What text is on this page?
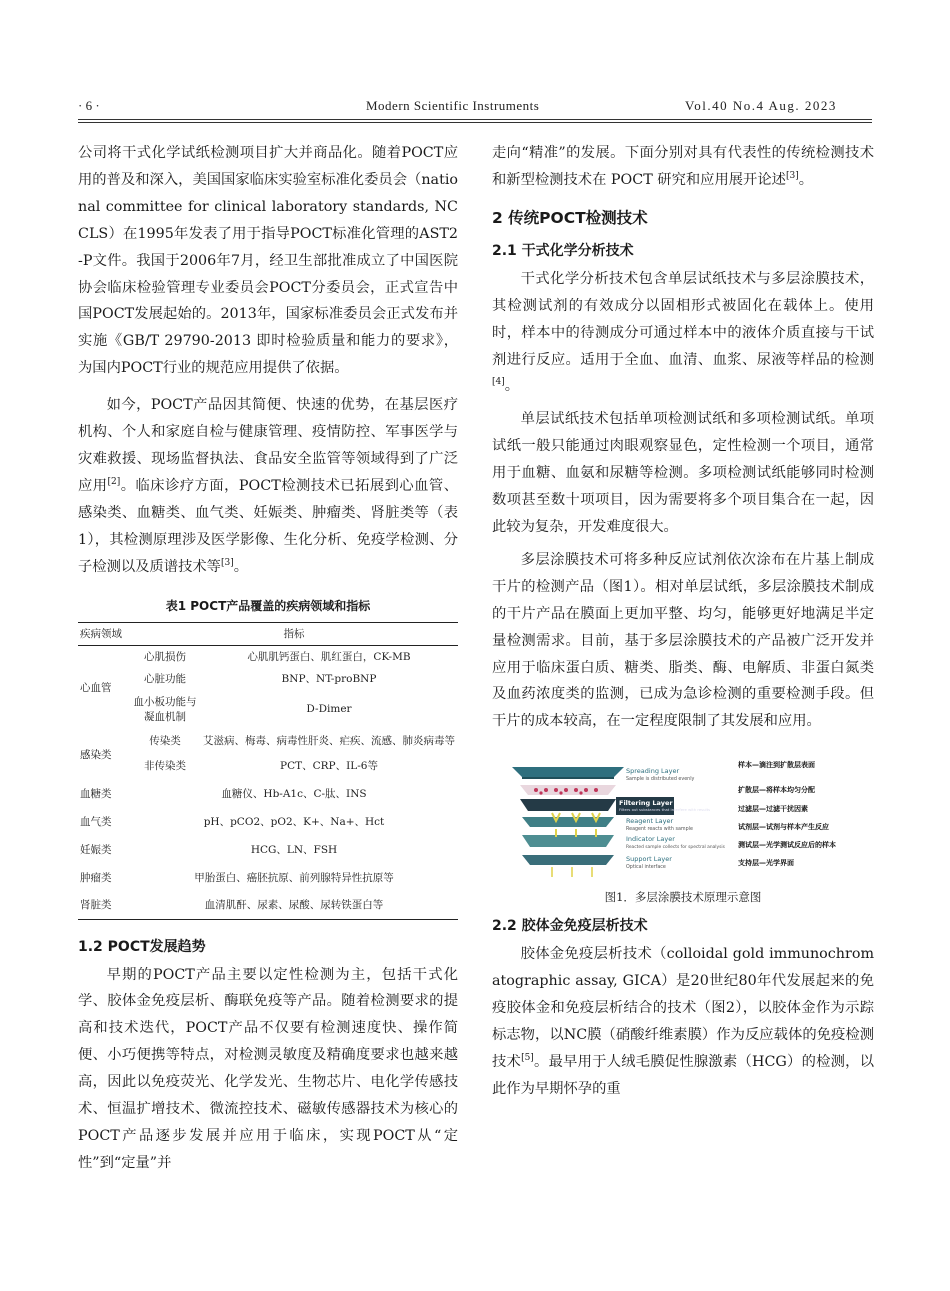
· 6 ·	Modern Scientific Instruments	Vol.40 No.4 Aug. 2023

公司将干式化学试纸检测项目扩大并商品化。随着POCT应用的普及和深入，美国国家临床实验室标准化委员会（national committee for clinical laboratory standards, NCCLS）在1995年发表了用于指导POCT标准化管理的AST2-P文件。我国于2006年7月，经卫生部批准成立了中国医院协会临床检验管理专业委员会POCT分委员会，正式宣告中国POCT发展起始的。2013年，国家标准委员会正式发布并实施《GB/T 29790-2013 即时检验质量和能力的要求》，为国内POCT行业的规范应用提供了依据。

如今，POCT产品因其简便、快速的优势，在基层医疗机构、个人和家庭自检与健康管理、疫情防控、军事医学与灾难救援、现场监督执法、食品安全监管等领域得到了广泛应用[2]。临床诊疗方面，POCT检测技术已拓展到心血管、感染类、血糖类、血气类、妊娠类、肿瘤类、肾脏类等（表1），其检测原理涉及医学影像、生化分析、免疫学检测、分子检测以及质谱技术等[3]。

表1 POCT产品覆盖的疾病领域和指标
疾病领域	指标	
心血管	心肌损伤	心肌肌钙蛋白、肌红蛋白，CK-MB
	心脏功能	BNP、NT-proBNP
	血小板功能与凝血机制	D-Dimer
感染类	传染类	艾滋病、梅毒、病毒性肝炎、疟疾、流感、肺炎病毒等
	非传染类	PCT、CRP、IL-6等
血糖类	血糖仪、Hb-A1c、C-肽、INS	
血气类	pH、pCO2、pO2、K+、Na+、Hct	
妊娠类	HCG、LN、FSH	
肿瘤类	甲胎蛋白、癌胚抗原、前列腺特异性抗原等	
肾脏类	血清肌酐、尿素、尿酸、尿转铁蛋白等	
1.2 POCT发展趋势

早期的POCT产品主要以定性检测为主，包括干式化学、胶体金免疫层析、酶联免疫等产品。随着检测要求的提高和技术迭代，POCT产品不仅要有检测速度快、操作简便、小巧便携等特点，对检测灵敏度及精确度要求也越来越高，因此以免疫荧光、化学发光、生物芯片、电化学传感技术、恒温扩增技术、微流控技术、磁敏传感器技术为核心的POCT产品逐步发展并应用于临床，实现POCT从“定性”到“定量”并

走向“精准”的发展。下面分别对具有代表性的传统检测技术和新型检测技术在 POCT 研究和应用展开论述[3]。

2 传统POCT检测技术
2.1 干式化学分析技术

干式化学分析技术包含单层试纸技术与多层涂膜技术，其检测试剂的有效成分以固相形式被固化在载体上。使用时，样本中的待测成分可通过样本中的液体介质直接与干试剂进行反应。适用于全血、血清、血浆、尿液等样品的检测[4]。

单层试纸技术包括单项检测试纸和多项检测试纸。单项试纸一般只能通过肉眼观察显色，定性检测一个项目，通常用于血糖、血氨和尿糖等检测。多项检测试纸能够同时检测数项甚至数十项项目，因为需要将多个项目集合在一起，因此较为复杂，开发难度很大。

多层涂膜技术可将多种反应试剂依次涂布在片基上制成干片的检测产品（图1）。相对单层试纸，多层涂膜技术制成的干片产品在膜面上更加平整、均匀，能够更好地满足半定量检测需求。目前，基于多层涂膜技术的产品被广泛开发并应用于临床蛋白质、糖类、脂类、酶、电解质、非蛋白氮类及血药浓度类的监测，已成为急诊检测的重要检测手段。但干片的成本较高，在一定程度限制了其发展和应用。

Spreading Layer
Sample is distributed evenly
Filtering Layer
Filters out substances that interfere with results
Reagent Layer
Reagent reacts with sample
Indicator Layer
Reacted sample collects for spectral analysis
Support Layer
Optical interface
样本—滴注到扩散层表面
扩散层—将样本均匀分配
过滤层—过滤干扰因素
试剂层—试剂与样本产生反应
测试层—光学测试反应后的样本
支持层—光学界面
图1．多层涂膜技术原理示意图
2.2 胶体金免疫层析技术

胶体金免疫层析技术（colloidal gold immunochromatographic assay, GICA）是20世纪80年代发展起来的免疫胶体金和免疫层析结合的技术（图2），以胶体金作为示踪标志物，以NC膜（硝酸纤维素膜）作为反应载体的免疫检测技术[5]。最早用于人绒毛膜促性腺激素（HCG）的检测，以此作为早期怀孕的重
